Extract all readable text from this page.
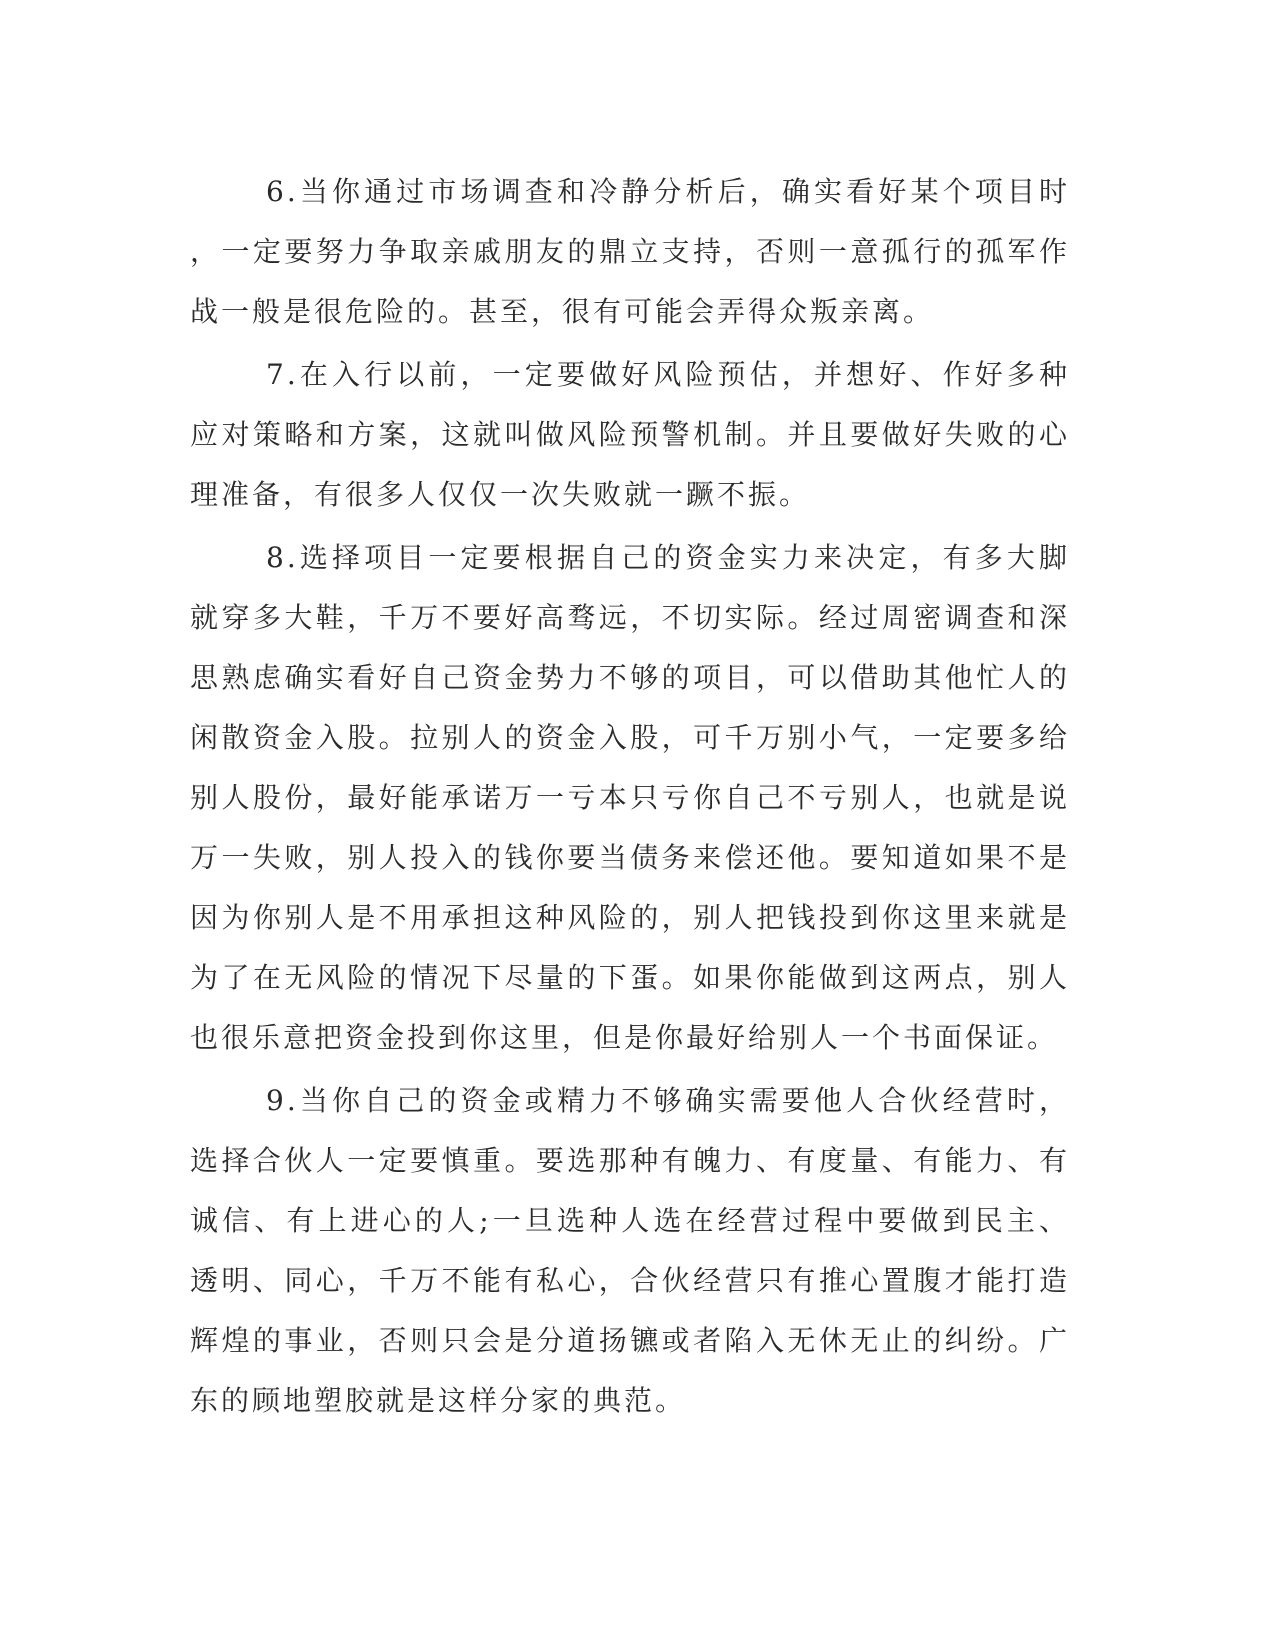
6.当你通过市场调查和冷静分析后，确实看好某个项目时，一定要努力争取亲戚朋友的鼎立支持，否则一意孤行的孤军作战一般是很危险的。甚至，很有可能会弄得众叛亲离。

7.在入行以前，一定要做好风险预估，并想好、作好多种应对策略和方案，这就叫做风险预警机制。并且要做好失败的心理准备，有很多人仅仅一次失败就一蹶不振。

8.选择项目一定要根据自己的资金实力来决定，有多大脚就穿多大鞋，千万不要好高骛远，不切实际。经过周密调查和深思熟虑确实看好自己资金势力不够的项目，可以借助其他忙人的闲散资金入股。拉别人的资金入股，可千万别小气，一定要多给别人股份，最好能承诺万一亏本只亏你自己不亏别人，也就是说万一失败，别人投入的钱你要当债务来偿还他。要知道如果不是因为你别人是不用承担这种风险的，别人把钱投到你这里来就是为了在无风险的情况下尽量的下蛋。如果你能做到这两点，别人也很乐意把资金投到你这里，但是你最好给别人一个书面保证。

9.当你自己的资金或精力不够确实需要他人合伙经营时，选择合伙人一定要慎重。要选那种有魄力、有度量、有能力、有诚信、有上进心的人;一旦选种人选在经营过程中要做到民主、透明、同心，千万不能有私心，合伙经营只有推心置腹才能打造辉煌的事业，否则只会是分道扬镳或者陷入无休无止的纠纷。广东的顾地塑胶就是这样分家的典范。
